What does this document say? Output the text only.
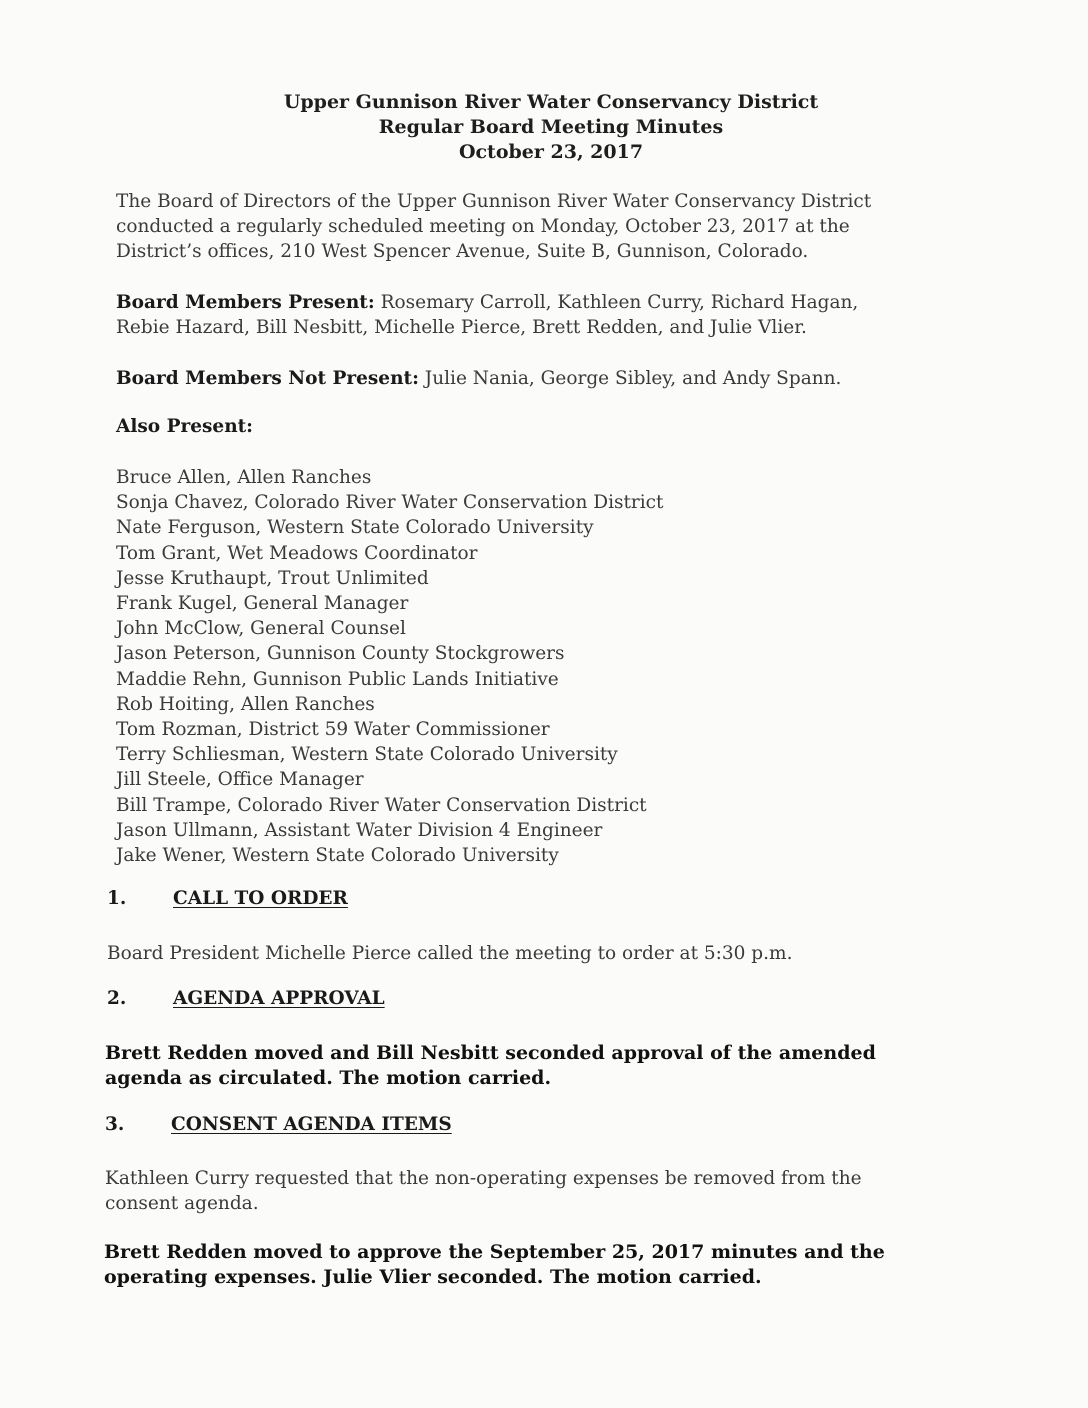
Upper Gunnison River Water Conservancy District
Regular Board Meeting Minutes
October 23, 2017
The Board of Directors of the Upper Gunnison River Water Conservancy District
conducted a regularly scheduled meeting on Monday, October 23, 2017 at the
District’s offices, 210 West Spencer Avenue, Suite B, Gunnison, Colorado.
Board Members Present: Rosemary Carroll, Kathleen Curry, Richard Hagan,
Rebie Hazard, Bill Nesbitt, Michelle Pierce, Brett Redden, and Julie Vlier.
Board Members Not Present: Julie Nania, George Sibley, and Andy Spann.
Also Present:
Bruce Allen, Allen Ranches
Sonja Chavez, Colorado River Water Conservation District
Nate Ferguson, Western State Colorado University
Tom Grant, Wet Meadows Coordinator
Jesse Kruthaupt, Trout Unlimited
Frank Kugel, General Manager
John McClow, General Counsel
Jason Peterson, Gunnison County Stockgrowers
Maddie Rehn, Gunnison Public Lands Initiative
Rob Hoiting, Allen Ranches
Tom Rozman, District 59 Water Commissioner
Terry Schliesman, Western State Colorado University
Jill Steele, Office Manager
Bill Trampe, Colorado River Water Conservation District
Jason Ullmann, Assistant Water Division 4 Engineer
Jake Wener, Western State Colorado University
1.	CALL TO ORDER
Board President Michelle Pierce called the meeting to order at 5:30 p.m.
2.	AGENDA APPROVAL
Brett Redden moved and Bill Nesbitt seconded approval of the amended
agenda as circulated. The motion carried.
3.	CONSENT AGENDA ITEMS
Kathleen Curry requested that the non-operating expenses be removed from the
consent agenda.
Brett Redden moved to approve the September 25, 2017 minutes and the
operating expenses. Julie Vlier seconded. The motion carried.
